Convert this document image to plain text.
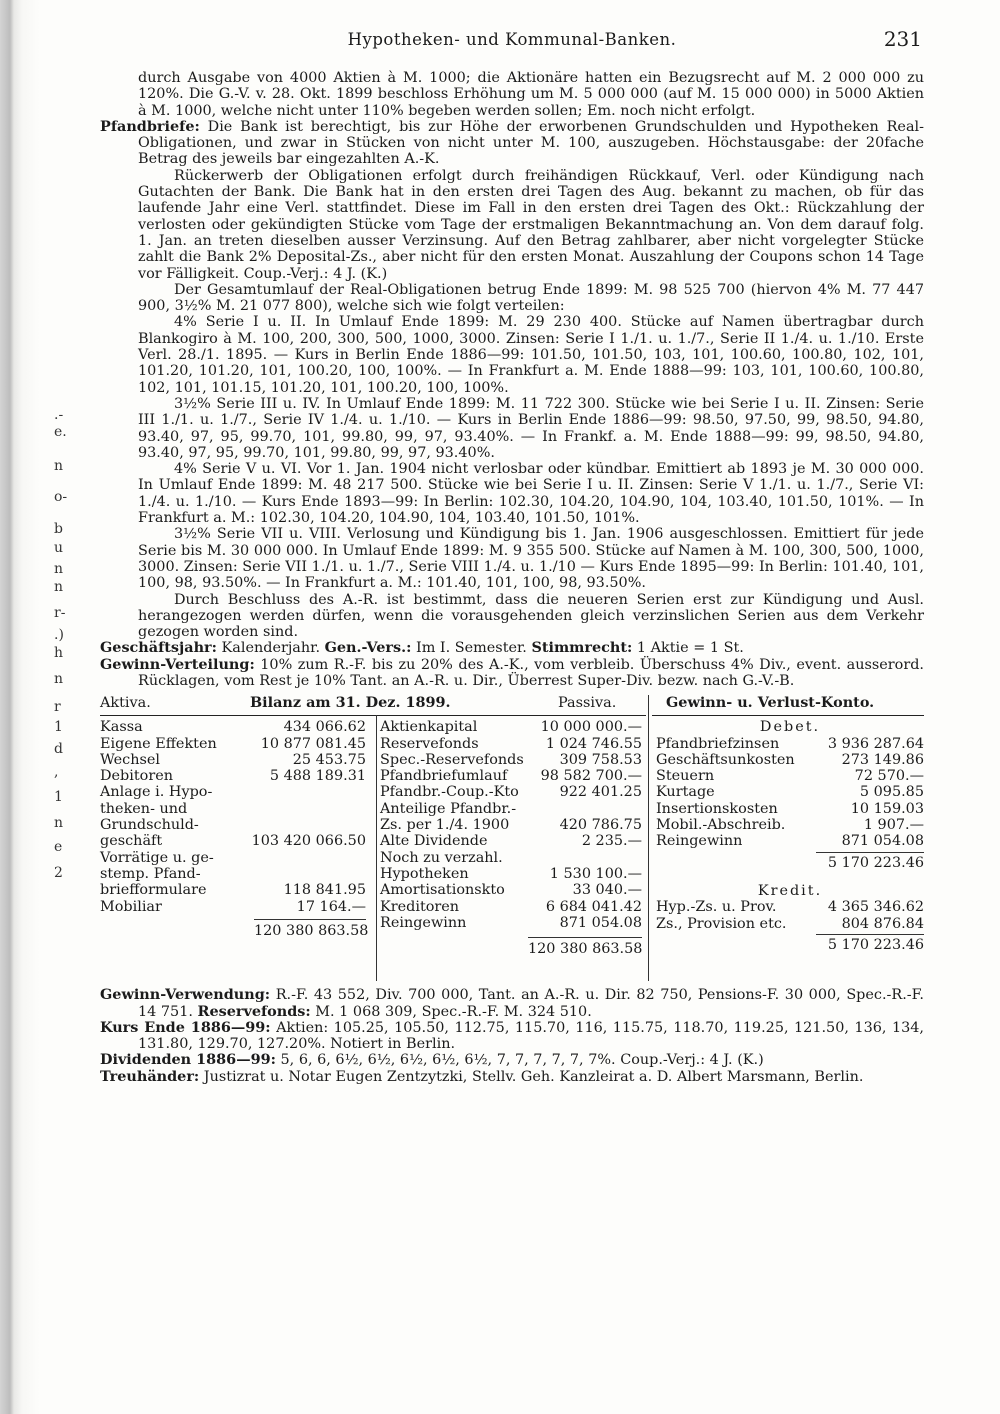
.-
e.
n
o-
b
u
n
n
r-
.)
h
n
r
1
d
,
1
n
e
2
Hypotheken- und Kommunal-Banken.	231

durch Ausgabe von 4000 Aktien à M. 1000; die Aktionäre hatten ein Bezugsrecht auf M. 2 000 000 zu 120%. Die G.-V. v. 28. Okt. 1899 beschloss Erhöhung um M. 5 000 000 (auf M. 15 000 000) in 5000 Aktien à M. 1000, welche nicht unter 110% begeben werden sollen; Em. noch nicht erfolgt.

Pfandbriefe: Die Bank ist berechtigt, bis zur Höhe der erworbenen Grundschulden und Hypotheken Real-Obligationen, und zwar in Stücken von nicht unter M. 100, auszugeben. Höchstausgabe: der 20fache Betrag des jeweils bar eingezahlten A.-K.

Rückerwerb der Obligationen erfolgt durch freihändigen Rückkauf, Verl. oder Kündigung nach Gutachten der Bank. Die Bank hat in den ersten drei Tagen des Aug. bekannt zu machen, ob für das laufende Jahr eine Verl. stattfindet. Diese im Fall in den ersten drei Tagen des Okt.: Rückzahlung der verlosten oder gekündigten Stücke vom Tage der erstmaligen Bekanntmachung an. Von dem darauf folg. 1. Jan. an treten dieselben ausser Verzinsung. Auf den Betrag zahlbarer, aber nicht vorgelegter Stücke zahlt die Bank 2% Deposital-Zs., aber nicht für den ersten Monat. Auszahlung der Coupons schon 14 Tage vor Fälligkeit. Coup.-Verj.: 4 J. (K.)

Der Gesamtumlauf der Real-Obligationen betrug Ende 1899: M. 98 525 700 (hiervon 4% M. 77 447 900, 3½% M. 21 077 800), welche sich wie folgt verteilen:

4% Serie I u. II. In Umlauf Ende 1899: M. 29 230 400. Stücke auf Namen übertragbar durch Blankogiro à M. 100, 200, 300, 500, 1000, 3000. Zinsen: Serie I 1./1. u. 1./7., Serie II 1./4. u. 1./10. Erste Verl. 28./1. 1895. — Kurs in Berlin Ende 1886—99: 101.50, 101.50, 103, 101, 100.60, 100.80, 102, 101, 101.20, 101.20, 101, 100.20, 100, 100%. — In Frankfurt a. M. Ende 1888—99: 103, 101, 100.60, 100.80, 102, 101, 101.15, 101.20, 101, 100.20, 100, 100%.

3½% Serie III u. IV. In Umlauf Ende 1899: M. 11 722 300. Stücke wie bei Serie I u. II. Zinsen: Serie III 1./1. u. 1./7., Serie IV 1./4. u. 1./10. — Kurs in Berlin Ende 1886—99: 98.50, 97.50, 99, 98.50, 94.80, 93.40, 97, 95, 99.70, 101, 99.80, 99, 97, 93.40%. — In Frankf. a. M. Ende 1888—99: 99, 98.50, 94.80, 93.40, 97, 95, 99.70, 101, 99.80, 99, 97, 93.40%.

4% Serie V u. VI. Vor 1. Jan. 1904 nicht verlosbar oder kündbar. Emittiert ab 1893 je M. 30 000 000. In Umlauf Ende 1899: M. 48 217 500. Stücke wie bei Serie I u. II. Zinsen: Serie V 1./1. u. 1./7., Serie VI: 1./4. u. 1./10. — Kurs Ende 1893—99: In Berlin: 102.30, 104.20, 104.90, 104, 103.40, 101.50, 101%. — In Frankfurt a. M.: 102.30, 104.20, 104.90, 104, 103.40, 101.50, 101%.

3½% Serie VII u. VIII. Verlosung und Kündigung bis 1. Jan. 1906 ausgeschlossen. Emittiert für jede Serie bis M. 30 000 000. In Umlauf Ende 1899: M. 9 355 500. Stücke auf Namen à M. 100, 300, 500, 1000, 3000. Zinsen: Serie VII 1./1. u. 1./7., Serie VIII 1./4. u. 1./10 — Kurs Ende 1895—99: In Berlin: 101.40, 101, 100, 98, 93.50%. — In Frankfurt a. M.: 101.40, 101, 100, 98, 93.50%.

Durch Beschluss des A.-R. ist bestimmt, dass die neueren Serien erst zur Kündigung und Ausl. herangezogen werden dürfen, wenn die vorausgehenden gleich verzinslichen Serien aus dem Verkehr gezogen worden sind.

Geschäftsjahr: Kalenderjahr. Gen.-Vers.: Im I. Semester. Stimmrecht: 1 Aktie = 1 St.

Gewinn-Verteilung: 10% zum R.-F. bis zu 20% des A.-K., vom verbleib. Überschuss 4% Div., event. ausserord. Rücklagen, vom Rest je 10% Tant. an A.-R. u. Dir., Überrest Super-Div. bezw. nach G.-V.-B.

Aktiva.	Bilanz am 31. Dez. 1899.	Passiva.	Gewinn- u. Verlust-Konto.
Kassa	434 066.62
Eigene Effekten	10 877 081.45
Wechsel	25 453.75
Debitoren	5 488 189.31
Anlage i. Hypo-
theken- und
Grundschuld-
geschäft	103 420 066.50
Vorrätige u. ge-
stemp. Pfand-
briefformulare	118 841.95
Mobiliar	17 164.—
120 380 863.58
Aktienkapital	10 000 000.—
Reservefonds	1 024 746.55
Spec.-Reservefonds 309 758.53
Pfandbriefumlauf 98 582 700.—
Pfandbr.-Coup.-Kto	922 401.25
Anteilige Pfandbr.-
Zs. per 1./4. 1900	420 786.75
Alte Dividende	2 235.—
Noch zu verzahl.
Hypotheken	1 530 100.—
Amortisationskto	33 040.—
Kreditoren	6 684 041.42
Reingewinn	871 054.08
120 380 863.58
Debet.
Pfandbriefzinsen	3 936 287.64
Geschäftsunkosten	273 149.86
Steuern	72 570.—
Kurtage	5 095.85
Insertionskosten	10 159.03
Mobil.-Abschreib.	1 907.—
Reingewinn	871 054.08
5 170 223.46
Kredit.
Hyp.-Zs. u. Prov.	4 365 346.62
Zs., Provision etc.	804 876.84
5 170 223.46

Gewinn-Verwendung: R.-F. 43 552, Div. 700 000, Tant. an A.-R. u. Dir. 82 750, Pensions-F. 30 000, Spec.-R.-F. 14 751. Reservefonds: M. 1 068 309, Spec.-R.-F. M. 324 510.

Kurs Ende 1886—99: Aktien: 105.25, 105.50, 112.75, 115.70, 116, 115.75, 118.70, 119.25, 121.50, 136, 134, 131.80, 129.70, 127.20%. Notiert in Berlin.

Dividenden 1886—99: 5, 6, 6, 6½, 6½, 6½, 6½, 6½, 7, 7, 7, 7, 7, 7%. Coup.-Verj.: 4 J. (K.)

Treuhänder: Justizrat u. Notar Eugen Zentzytzki, Stellv. Geh. Kanzleirat a. D. Albert Marsmann, Berlin.
